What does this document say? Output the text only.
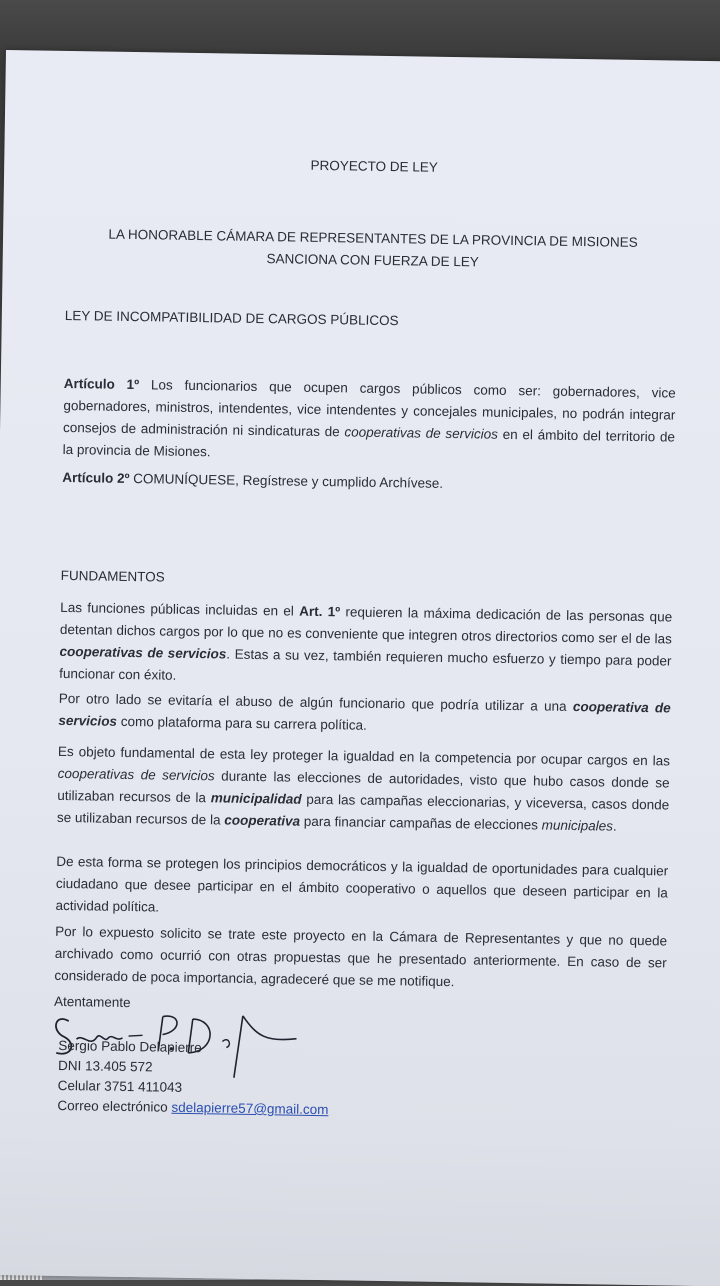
PROYECTO DE LEY
LA HONORABLE CÁMARA DE REPRESENTANTES DE LA PROVINCIA DE MISIONES
SANCIONA CON FUERZA DE LEY

LEY DE INCOMPATIBILIDAD DE CARGOS PÚBLICOS

Artículo 1º Los funcionarios que ocupen cargos públicos como ser: gobernadores, vice gobernadores, ministros, intendentes, vice intendentes y concejales municipales, no podrán integrar consejos de administración ni sindicaturas de cooperativas de servicios en el ámbito del territorio de la provincia de Misiones.

Artículo 2º COMUNÍQUESE, Regístrese y cumplido Archívese.

FUNDAMENTOS

Las funciones públicas incluidas en el Art. 1º requieren la máxima dedicación de las personas que detentan dichos cargos por lo que no es conveniente que integren otros directorios como ser el de las cooperativas de servicios. Estas a su vez, también requieren mucho esfuerzo y tiempo para poder funcionar con éxito.

Por otro lado se evitaría el abuso de algún funcionario que podría utilizar a una cooperativa de servicios como plataforma para su carrera política.

Es objeto fundamental de esta ley proteger la igualdad en la competencia por ocupar cargos en las cooperativas de servicios durante las elecciones de autoridades, visto que hubo casos donde se utilizaban recursos de la municipalidad para las campañas eleccionarias, y viceversa, casos donde se utilizaban recursos de la cooperativa para financiar campañas de elecciones municipales.

De esta forma se protegen los principios democráticos y la igualdad de oportunidades para cualquier ciudadano que desee participar en el ámbito cooperativo o aquellos que deseen participar en la actividad política.

Por lo expuesto solicito se trate este proyecto en la Cámara de Representantes y que no quede archivado como ocurrió con otras propuestas que he presentado anteriormente. En caso de ser considerado de poca importancia, agradeceré que se me notifique.

Atentamente

Sergio Pablo Delapierre
DNI 13.405 572
Celular 3751 411043
Correo electrónico sdelapierre57@gmail.com
